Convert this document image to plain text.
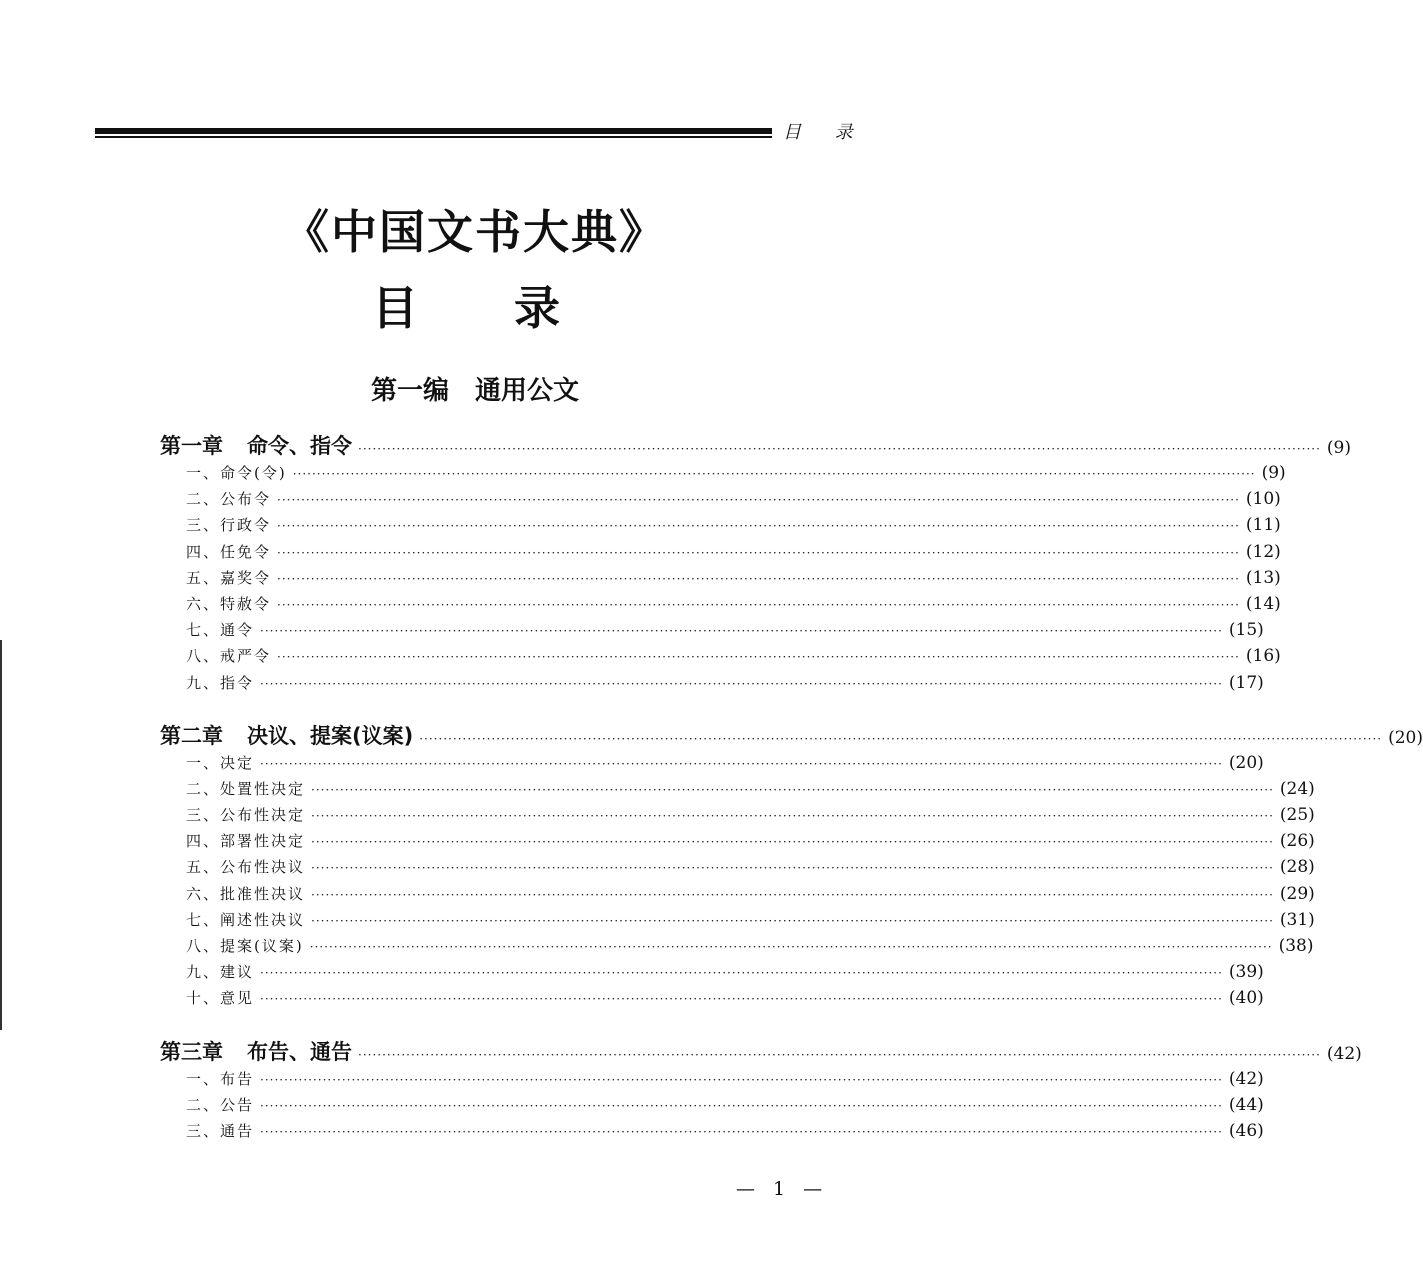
目 录
《中国文书大典》
目录
第一编　通用公文
第一章 命令、指令 ········································································································································································································ (9)
一、命令(令) ········································································································································································································ (9)
二、公布令 ········································································································································································································ (10)
三、行政令 ········································································································································································································ (11)
四、任免令 ········································································································································································································ (12)
五、嘉奖令 ········································································································································································································ (13)
六、特赦令 ········································································································································································································ (14)
七、通令 ········································································································································································································ (15)
八、戒严令 ········································································································································································································ (16)
九、指令 ········································································································································································································ (17)
第二章 决议、提案(议案) ········································································································································································································ (20)
一、决定 ········································································································································································································ (20)
二、处置性决定 ········································································································································································································ (24)
三、公布性决定 ········································································································································································································ (25)
四、部署性决定 ········································································································································································································ (26)
五、公布性决议 ········································································································································································································ (28)
六、批准性决议 ········································································································································································································ (29)
七、阐述性决议 ········································································································································································································ (31)
八、提案(议案) ········································································································································································································ (38)
九、建议 ········································································································································································································ (39)
十、意见 ········································································································································································································ (40)
第三章 布告、通告 ········································································································································································································ (42)
一、布告 ········································································································································································································ (42)
二、公告 ········································································································································································································ (44)
三、通告 ········································································································································································································ (46)
— 1 —
